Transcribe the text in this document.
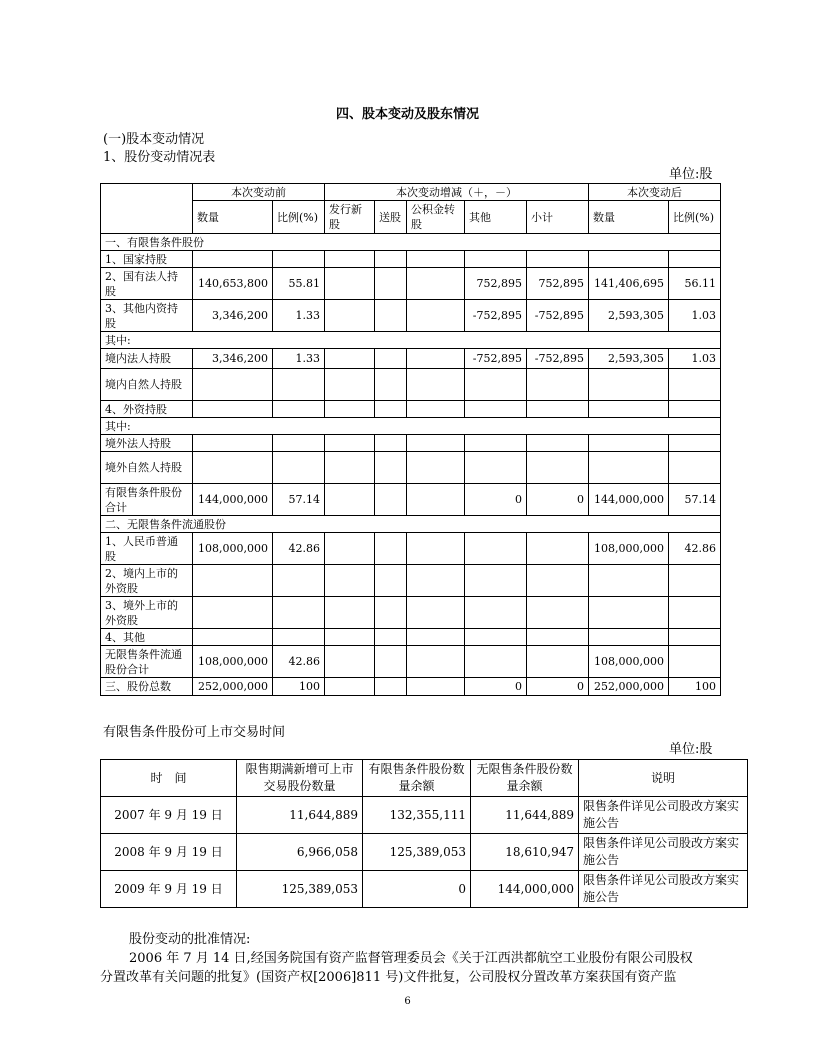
四、股本变动及股东情况
(一)股本变动情况
1、股份变动情况表
单位:股
	本次变动前		本次变动增减（＋，－）					本次变动后	
	数量	比例(%)	发行新股	送股	公积金转股	其他	小计	数量	比例(%)
一、有限售条件股份									
1、国家持股									
2、国有法人持股	140,653,800	55.81				752,895	752,895	141,406,695	56.11
3、其他内资持股	3,346,200	1.33				-752,895	-752,895	2,593,305	1.03
其中:									
境内法人持股	3,346,200	1.33				-752,895	-752,895	2,593,305	1.03
境内自然人持股									
4、外资持股									
其中:									
境外法人持股									
境外自然人持股									
有限售条件股份合计	144,000,000	57.14				0	0	144,000,000	57.14
二、无限售条件流通股份									
1、人民币普通股	108,000,000	42.86						108,000,000	42.86
2、境内上市的外资股									
3、境外上市的外资股									
4、其他									
无限售条件流通股份合计	108,000,000	42.86						108,000,000	
三、股份总数	252,000,000	100				0	0	252,000,000	100
有限售条件股份可上市交易时间
单位:股
时　间	限售期满新增可上市交易股份数量	有限售条件股份数量余额	无限售条件股份数量余额	说明
2007 年 9 月 19 日	11,644,889	132,355,111	11,644,889	限售条件详见公司股改方案实施公告
2008 年 9 月 19 日	6,966,058	125,389,053	18,610,947	限售条件详见公司股改方案实施公告
2009 年 9 月 19 日	125,389,053	0	144,000,000	限售条件详见公司股改方案实施公告
股份变动的批准情况:
2006 年 7 月 14 日,经国务院国有资产监督管理委员会《关于江西洪都航空工业股份有限公司股权
分置改革有关问题的批复》(国资产权[2006]811 号)文件批复，公司股权分置改革方案获国有资产监
6
